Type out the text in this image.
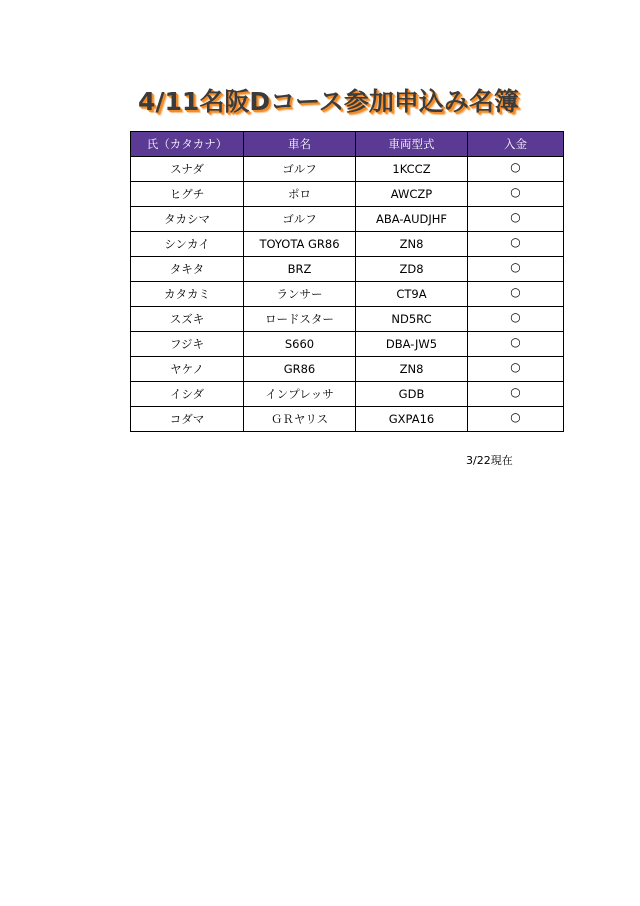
4/11名阪Dコース参加申込み名簿
氏（カタカナ）	車名	車両型式	入金
スナダ	ゴルフ	1KCCZ	○
ヒグチ	ポロ	AWCZP	○
タカシマ	ゴルフ	ABA-AUDJHF	○
シンカイ	TOYOTA GR86	ZN8	○
タキタ	BRZ	ZD8	○
カタカミ	ランサー	CT9A	○
スズキ	ロードスター	ND5RC	○
フジキ	S660	DBA-JW5	○
ヤケノ	GR86	ZN8	○
イシダ	インプレッサ	GDB	○
コダマ	ＧＲヤリス	GXPA16	○
3/22現在
